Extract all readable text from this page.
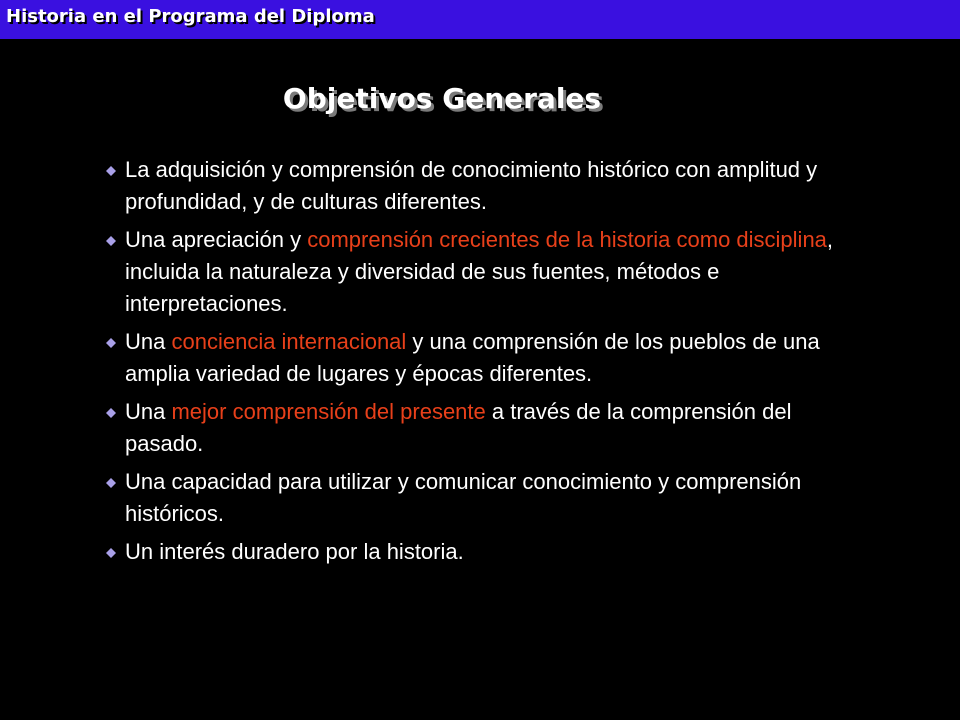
Historia en el Programa del Diploma
Objetivos Generales
La adquisición y comprensión de conocimiento histórico con amplitud y profundidad, y de culturas diferentes.
Una apreciación y comprensión crecientes de la historia como disciplina, incluida la naturaleza y diversidad de sus fuentes, métodos e interpretaciones.
Una conciencia internacional y una comprensión de los pueblos de una amplia variedad de lugares y épocas diferentes.
Una mejor comprensión del presente a través de la comprensión del pasado.
Una capacidad para utilizar y comunicar conocimiento y comprensión históricos.
Un interés duradero por la historia.
